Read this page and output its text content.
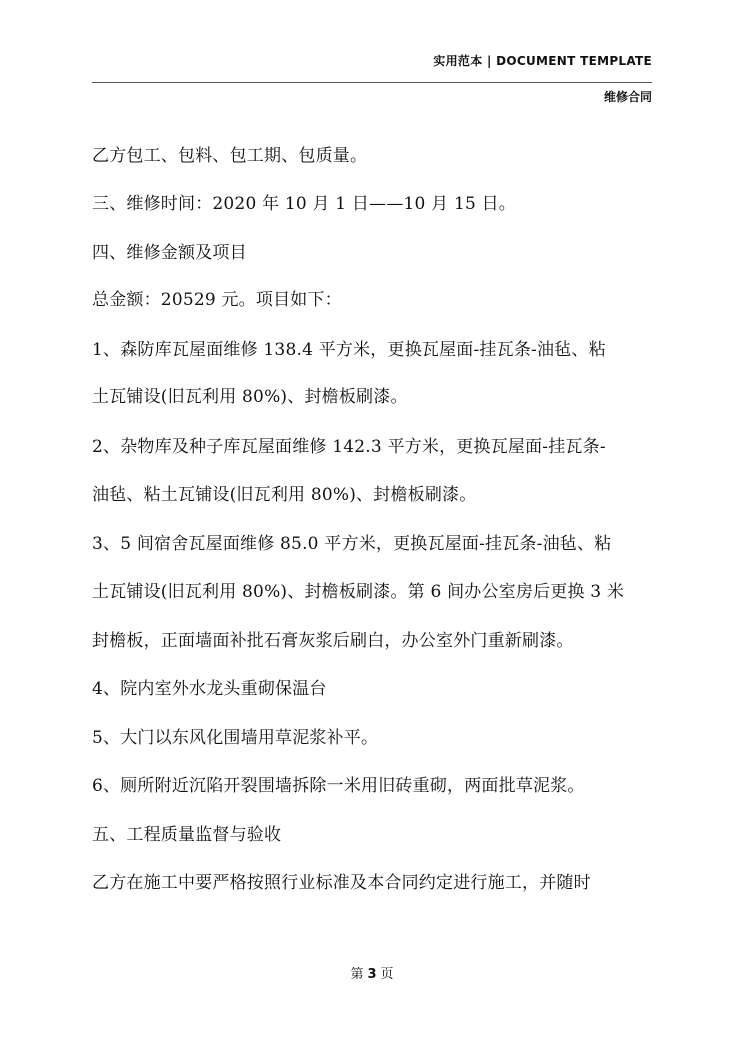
实用范本 | DOCUMENT TEMPLATE
维修合同
乙方包工、包料、包工期、包质量。
三、维修时间：2020 年 10 月 1 日——10 月 15 日。
四、维修金额及项目
总金额：20529 元。项目如下：
1、森防库瓦屋面维修 138.4 平方米，更换瓦屋面-挂瓦条-油毡、粘
土瓦铺设(旧瓦利用 80%)、封檐板刷漆。
2、杂物库及种子库瓦屋面维修 142.3 平方米，更换瓦屋面-挂瓦条-
油毡、粘土瓦铺设(旧瓦利用 80%)、封檐板刷漆。
3、5 间宿舍瓦屋面维修 85.0 平方米，更换瓦屋面-挂瓦条-油毡、粘
土瓦铺设(旧瓦利用 80%)、封檐板刷漆。第 6 间办公室房后更换 3 米
封檐板，正面墙面补批石膏灰浆后刷白，办公室外门重新刷漆。
4、院内室外水龙头重砌保温台
5、大门以东风化围墙用草泥浆补平。
6、厕所附近沉陷开裂围墙拆除一米用旧砖重砌，两面批草泥浆。
五、工程质量监督与验收
乙方在施工中要严格按照行业标准及本合同约定进行施工，并随时
第 3 页
